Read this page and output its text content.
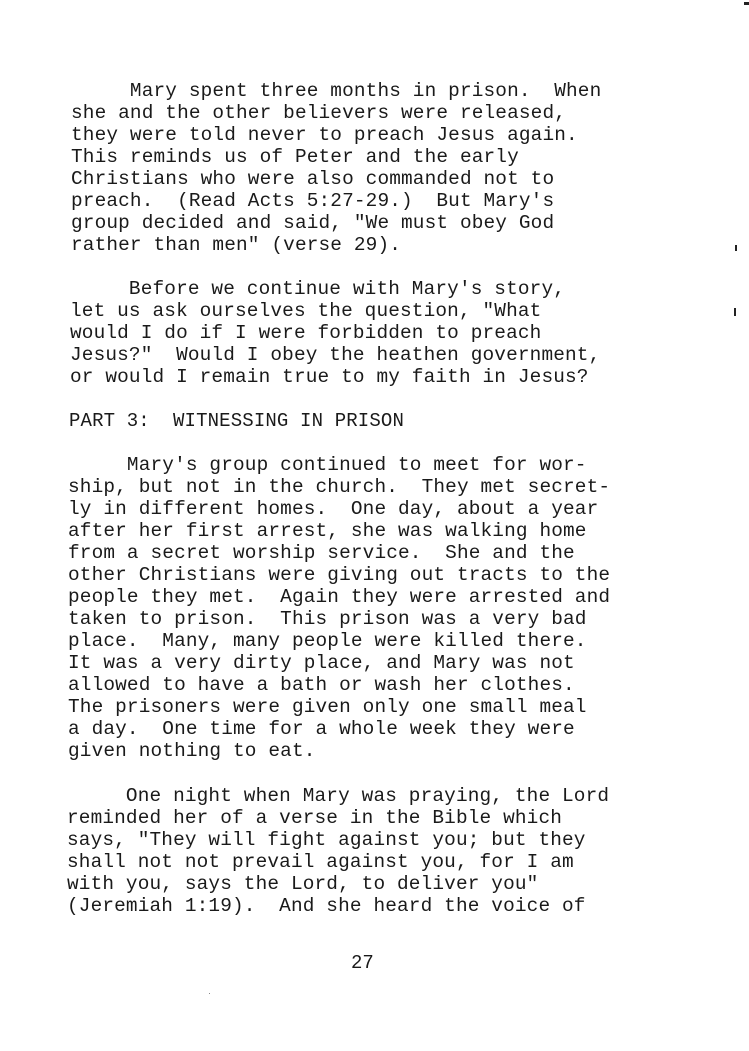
Mary spent three months in prison.  When
she and the other believers were released,
they were told never to preach Jesus again.
This reminds us of Peter and the early
Christians who were also commanded not to
preach.  (Read Acts 5:27-29.)  But Mary's
group decided and said, "We must obey God
rather than men" (verse 29).
Before we continue with Mary's story,
let us ask ourselves the question, "What
would I do if I were forbidden to preach
Jesus?"  Would I obey the heathen government,
or would I remain true to my faith in Jesus?
PART 3:  WITNESSING IN PRISON
Mary's group continued to meet for wor-
ship, but not in the church.  They met secret-
ly in different homes.  One day, about a year
after her first arrest, she was walking home
from a secret worship service.  She and the
other Christians were giving out tracts to the
people they met.  Again they were arrested and
taken to prison.  This prison was a very bad
place.  Many, many people were killed there.
It was a very dirty place, and Mary was not
allowed to have a bath or wash her clothes.
The prisoners were given only one small meal
a day.  One time for a whole week they were
given nothing to eat.
One night when Mary was praying, the Lord
reminded her of a verse in the Bible which
says, "They will fight against you; but they
shall not not prevail against you, for I am
with you, says the Lord, to deliver you"
(Jeremiah 1:19).  And she heard the voice of
27
